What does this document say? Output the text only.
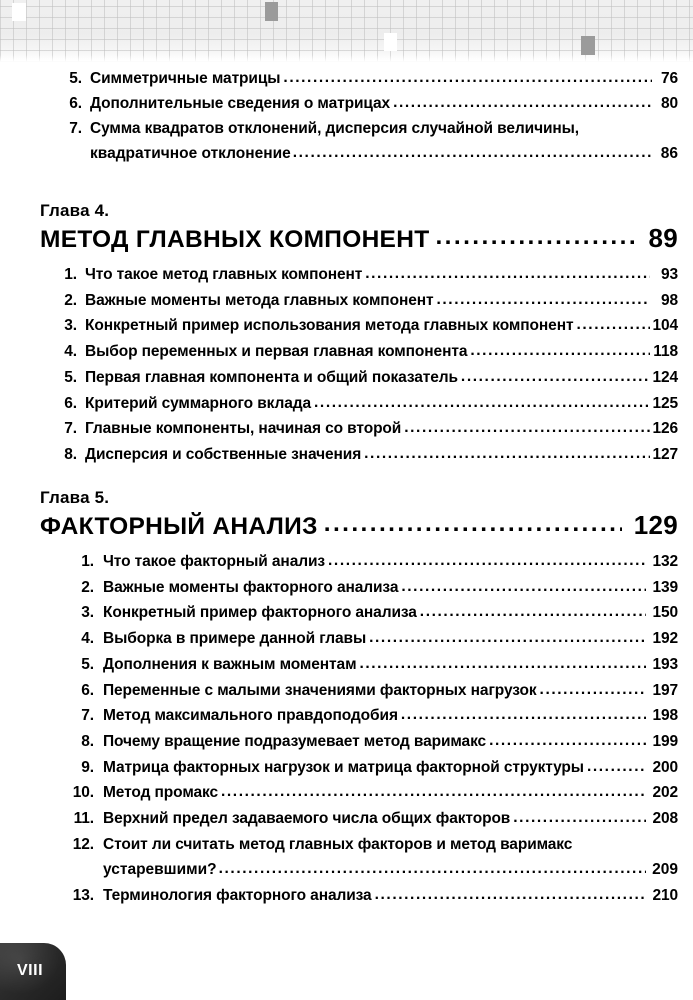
5. Симметричные матрицы .....	76
6. Дополнительные сведения о матрицах .....	80
7. Сумма квадратов отклонений, дисперсия случайной величины,
квадратичное отклонение .....	86
Глава 4.
МЕТОД ГЛАВНЫХ КОМПОНЕНТ .....	89
1. Что такое метод главных компонент .....	93
2. Важные моменты метода главных компонент .....	98
3. Конкретный пример использования метода главных компонент .....	104
4. Выбор переменных и первая главная компонента .....	118
5. Первая главная компонента и общий показатель .....	124
6. Критерий суммарного вклада .....	125
7. Главные компоненты, начиная со второй .....	126
8. Дисперсия и собственные значения .....	127
Глава 5.
ФАКТОРНЫЙ АНАЛИЗ .....	129
1. Что такое факторный анализ .....	132
2. Важные моменты факторного анализа .....	139
3. Конкретный пример факторного анализа .....	150
4. Выборка в примере данной главы .....	192
5. Дополнения к важным моментам .....	193
6. Переменные с малыми значениями факторных нагрузок .....	197
7. Метод максимального правдоподобия .....	198
8. Почему вращение подразумевает метод варимакс .....	199
9. Матрица факторных нагрузок и матрица факторной структуры .....	200
10. Метод промакс .....	202
11. Верхний предел задаваемого числа общих факторов .....	208
12. Стоит ли считать метод главных факторов и метод варимакс
устаревшими? .....	209
13. Терминология факторного анализа .....	210
VIII
